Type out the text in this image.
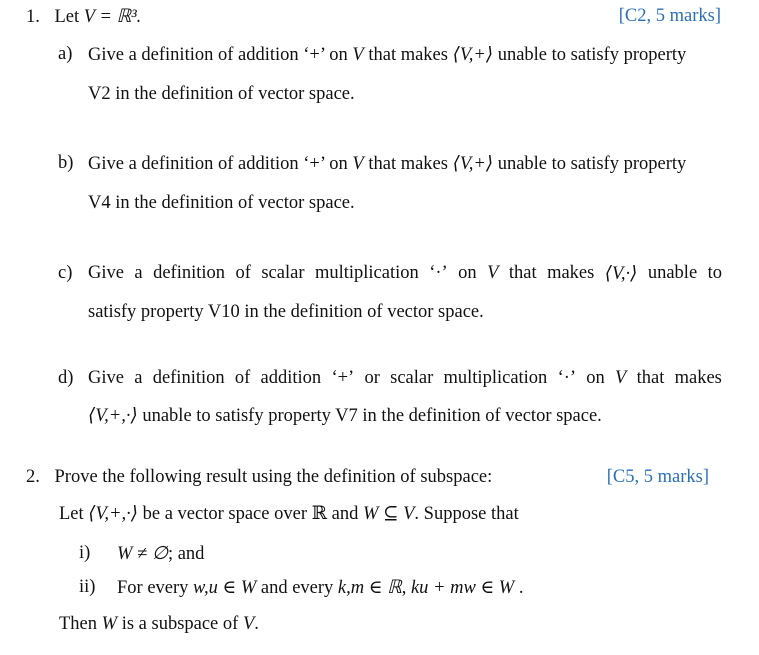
1. Let V = ℝ³.	[C2, 5 marks]
a) Give a definition of addition ‘+’ on V that makes ⟨V,+⟩ unable to satisfy property
V2 in the definition of vector space.
b) Give a definition of addition ‘+’ on V that makes ⟨V,+⟩ unable to satisfy property
V4 in the definition of vector space.
c) Give a definition of scalar multiplication ‘·’ on V that makes ⟨V,·⟩ unable to
satisfy property V10 in the definition of vector space.
d) Give a definition of addition ‘+’ or scalar multiplication ‘·’ on V that makes
⟨V,+,·⟩ unable to satisfy property V7 in the definition of vector space.
2. Prove the following result using the definition of subspace:	[C5, 5 marks]
Let ⟨V,+,·⟩ be a vector space over ℝ and W ⊆ V. Suppose that
i) W ≠ ∅; and
ii) For every w,u ∈ W and every k,m ∈ ℝ, ku + mw ∈ W .
Then W is a subspace of V.
